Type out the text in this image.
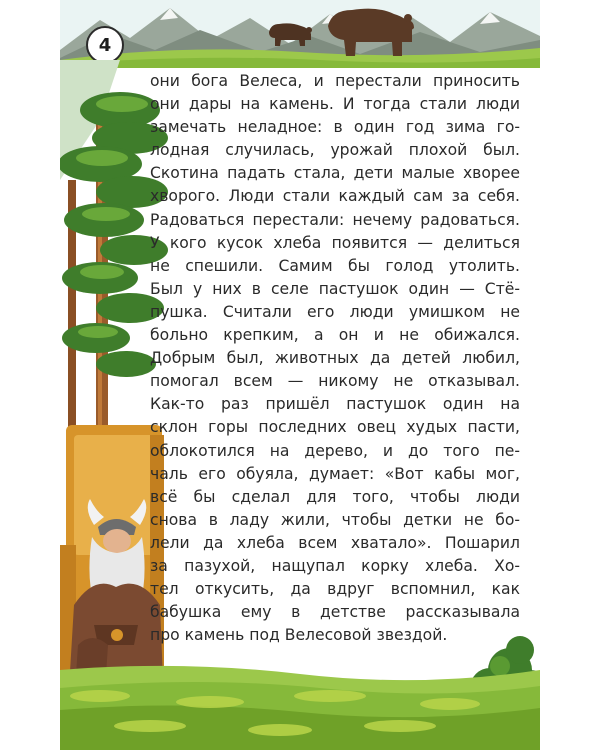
4
они бога Велеса, и перестали приносить
они дары на камень. И тогда стали люди
замечать неладное: в один год зима го-
лодная случилась, урожай плохой был.
Скотина падать стала, дети малые хворее
хворого. Люди стали каждый сам за себя.
Радоваться перестали: нечему радоваться.
У кого кусок хлеба появится — делиться
не спешили. Самим бы голод утолить.
Был у них в селе пастушок один — Стё-
пушка. Считали его люди умишком не
больно крепким, а он и не обижался.
Добрым был, животных да детей любил,
помогал всем — никому не отказывал.
Как-то раз пришёл пастушок один на
склон горы последних овец худых пасти,
облокотился на дерево, и до того пе-
чаль его обуяла, думает: «Вот кабы мог,
всё бы сделал для того, чтобы люди
снова в ладу жили, чтобы детки не бо-
лели да хлеба всем хватало». Пошарил
за пазухой, нащупал корку хлеба. Хо-
тел откусить, да вдруг вспомнил, как
бабушка ему в детстве рассказывала
про камень под Велесовой звездой.
